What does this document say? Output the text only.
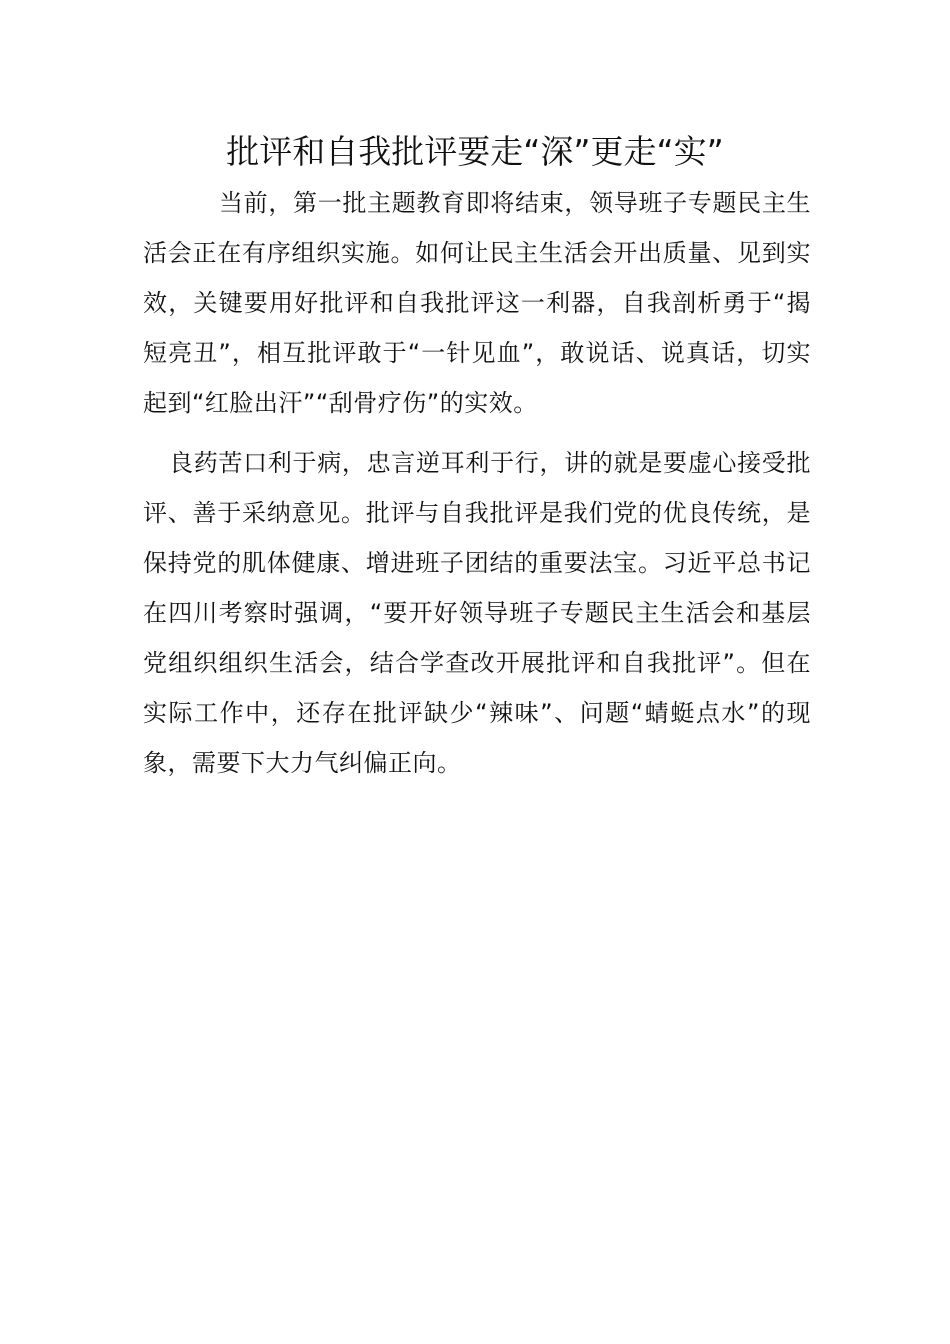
批评和自我批评要走“深”更走“实”

当前，第一批主题教育即将结束，领导班子专题民主生活会正在有序组织实施。如何让民主生活会开出质量、见到实效，关键要用好批评和自我批评这一利器，自我剖析勇于“揭短亮丑”，相互批评敢于“一针见血”，敢说话、说真话，切实起到“红脸出汗”“刮骨疗伤”的实效。

良药苦口利于病，忠言逆耳利于行，讲的就是要虚心接受批评、善于采纳意见。批评与自我批评是我们党的优良传统，是保持党的肌体健康、增进班子团结的重要法宝。习近平总书记在四川考察时强调，“要开好领导班子专题民主生活会和基层党组织组织生活会，结合学查改开展批评和自我批评”。但在实际工作中，还存在批评缺少“辣味”、问题“蜻蜓点水”的现象，需要下大力气纠偏正向。
